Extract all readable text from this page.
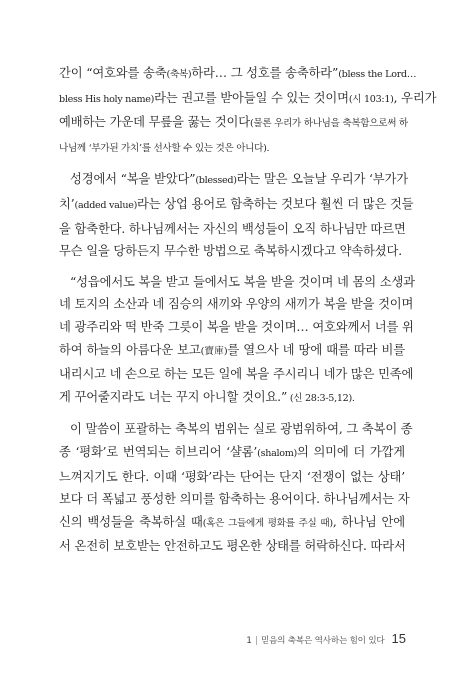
간이 “여호와를 송축(축복)하라… 그 성호를 송축하라”(bless the Lord…
bless His holy name)라는 권고를 받아들일 수 있는 것이며(시 103:1), 우리가
예배하는 가운데 무릎을 꿇는 것이다(물론 우리가 하나님을 축복함으로써 하
나님께 ‘부가된 가치’를 선사할 수 있는 것은 아니다).

성경에서 “복을 받았다”(blessed)라는 말은 오늘날 우리가 ‘부가가
치’(added value)라는 상업 용어로 함축하는 것보다 훨씬 더 많은 것들
을 함축한다. 하나님께서는 자신의 백성들이 오직 하나님만 따르면
무슨 일을 당하든지 무수한 방법으로 축복하시겠다고 약속하셨다.

“성읍에서도 복을 받고 들에서도 복을 받을 것이며 네 몸의 소생과
네 토지의 소산과 네 짐승의 새끼와 우양의 새끼가 복을 받을 것이며
네 광주리와 떡 반죽 그릇이 복을 받을 것이며… 여호와께서 너를 위
하여 하늘의 아름다운 보고(寶庫)를 열으사 네 땅에 때를 따라 비를
내리시고 네 손으로 하는 모든 일에 복을 주시리니 네가 많은 민족에
게 꾸어줄지라도 너는 꾸지 아니할 것이요.” (신 28:3-5,12).

이 말씀이 포괄하는 축복의 범위는 실로 광범위하여, 그 축복이 종
종 ‘평화’로 번역되는 히브리어 ‘샬롬’(shalom)의 의미에 더 가깝게
느껴지기도 한다. 이때 ‘평화’라는 단어는 단지 ‘전쟁이 없는 상태’
보다 더 폭넓고 풍성한 의미를 함축하는 용어이다. 하나님께서는 자
신의 백성들을 축복하실 때(혹은 그들에게 평화를 주실 때), 하나님 안에
서 온전히 보호받는 안전하고도 평온한 상태를 허락하신다. 따라서

1 | 믿음의 축복은 역사하는 힘이 있다 15
